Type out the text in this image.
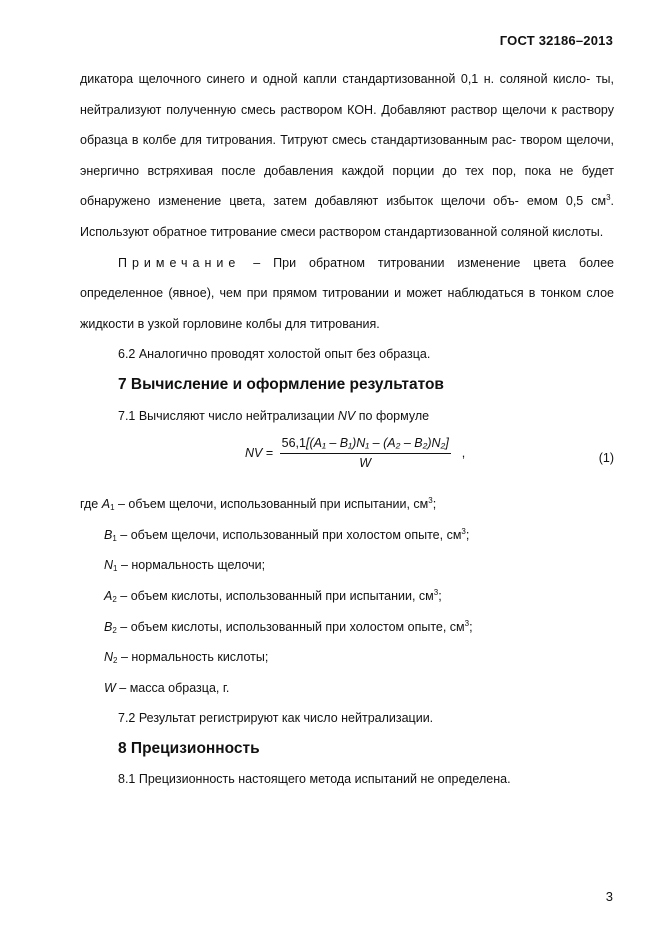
ГОСТ 32186–2013

дикатора щелочного синего и одной капли стандартизованной 0,1 н. соляной кисло- ты, нейтрализуют полученную смесь раствором КОН. Добавляют раствор щелочи к раствору образца в колбе для титрования. Титруют смесь стандартизованным рас- твором щелочи, энергично встряхивая после добавления каждой порции до тех пор, пока не будет обнаружено изменение цвета, затем добавляют избыток щелочи объ- емом 0,5 $см^3$. Используют обратное титрование смеси раствором стандартизованной соляной кислоты.

Примечание – При обратном титровании изменение цвета более определенное (явное), чем при прямом титровании и может наблюдаться в тонком слое жидкости в узкой горловине колбы для титрования.

6.2 Аналогично проводят холостой опыт без образца.

7 Вычисление и оформление результатов

7.1 Вычисляют число нейтрализации NV по формуле

NV = $\frac{\text{56,1[(A₁ – B₁)N₁ – (A₂ – B₂)N₂]}}{W}$ ,	(1)

где $A_1$ – объем щелочи, использованный при испытании, $см^3$;

$B_1$ – объем щелочи, использованный при холостом опыте, $см^3$;

$N_1$ – нормальность щелочи;

$A_2$ – объем кислоты, использованный при испытании, $см^3$;

$B_2$ – объем кислоты, использованный при холостом опыте, $см^3$;

$N_2$ – нормальность кислоты;

W – масса образца, г.

7.2 Результат регистрируют как число нейтрализации.

8 Прецизионность

8.1 Прецизионность настоящего метода испытаний не определена.

3
